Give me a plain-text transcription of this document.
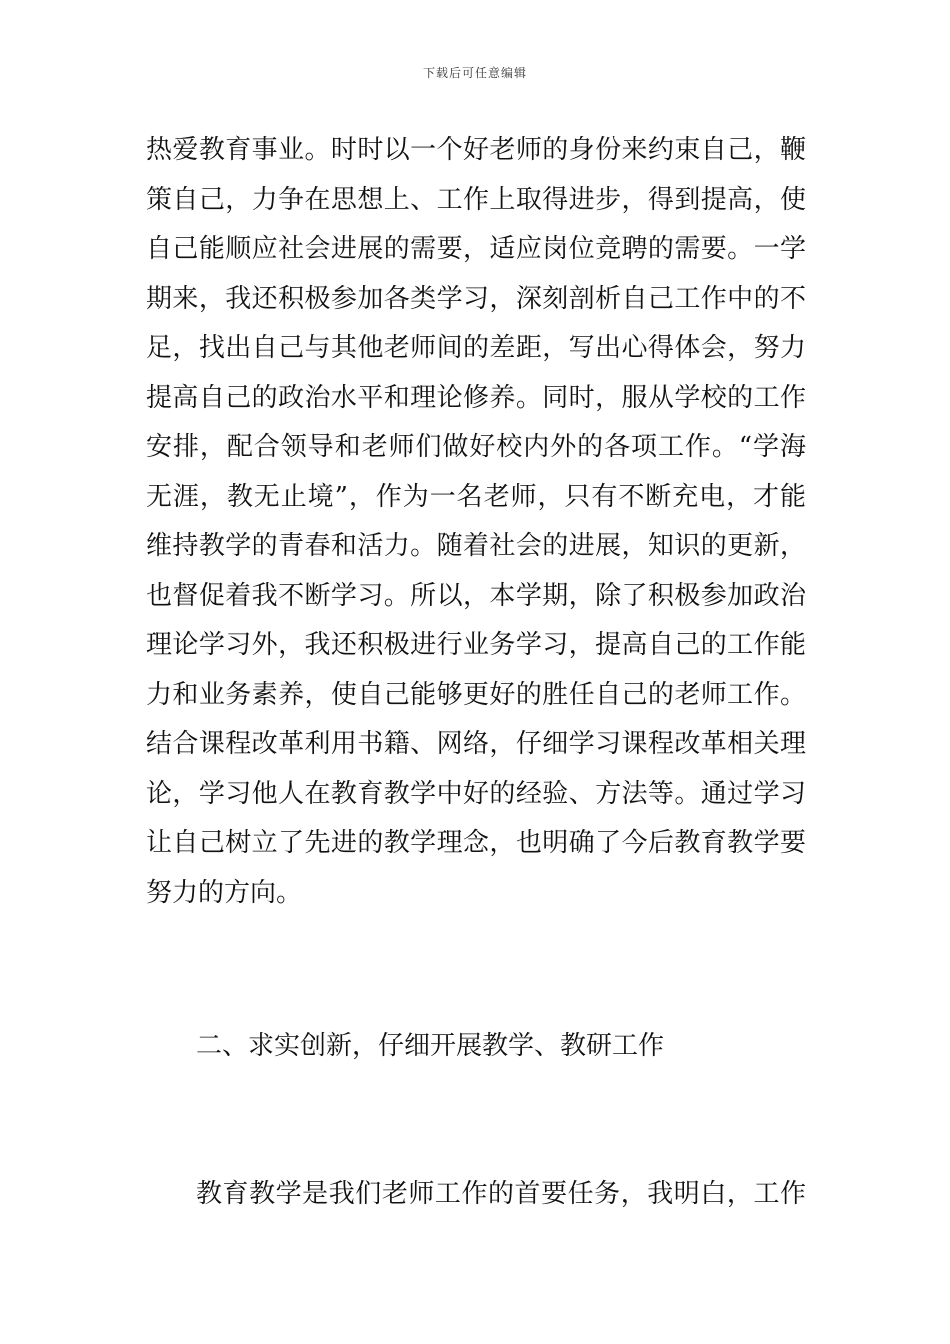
下载后可任意编辑
热爱教育事业。时时以一个好老师的身份来约束自己，鞭
策自己，力争在思想上、工作上取得进步，得到提高，使
自己能顺应社会进展的需要，适应岗位竞聘的需要。一学
期来，我还积极参加各类学习，深刻剖析自己工作中的不
足，找出自己与其他老师间的差距，写出心得体会，努力
提高自己的政治水平和理论修养。同时，服从学校的工作
安排，配合领导和老师们做好校内外的各项工作。“学海
无涯，教无止境”，作为一名老师，只有不断充电，才能
维持教学的青春和活力。随着社会的进展，知识的更新，
也督促着我不断学习。所以，本学期，除了积极参加政治
理论学习外，我还积极进行业务学习，提高自己的工作能
力和业务素养，使自己能够更好的胜任自己的老师工作。
结合课程改革利用书籍、网络，仔细学习课程改革相关理
论，学习他人在教育教学中好的经验、方法等。通过学习
让自己树立了先进的教学理念，也明确了今后教育教学要
努力的方向。
二、求实创新，仔细开展教学、教研工作
教育教学是我们老师工作的首要任务，我明白，工作
